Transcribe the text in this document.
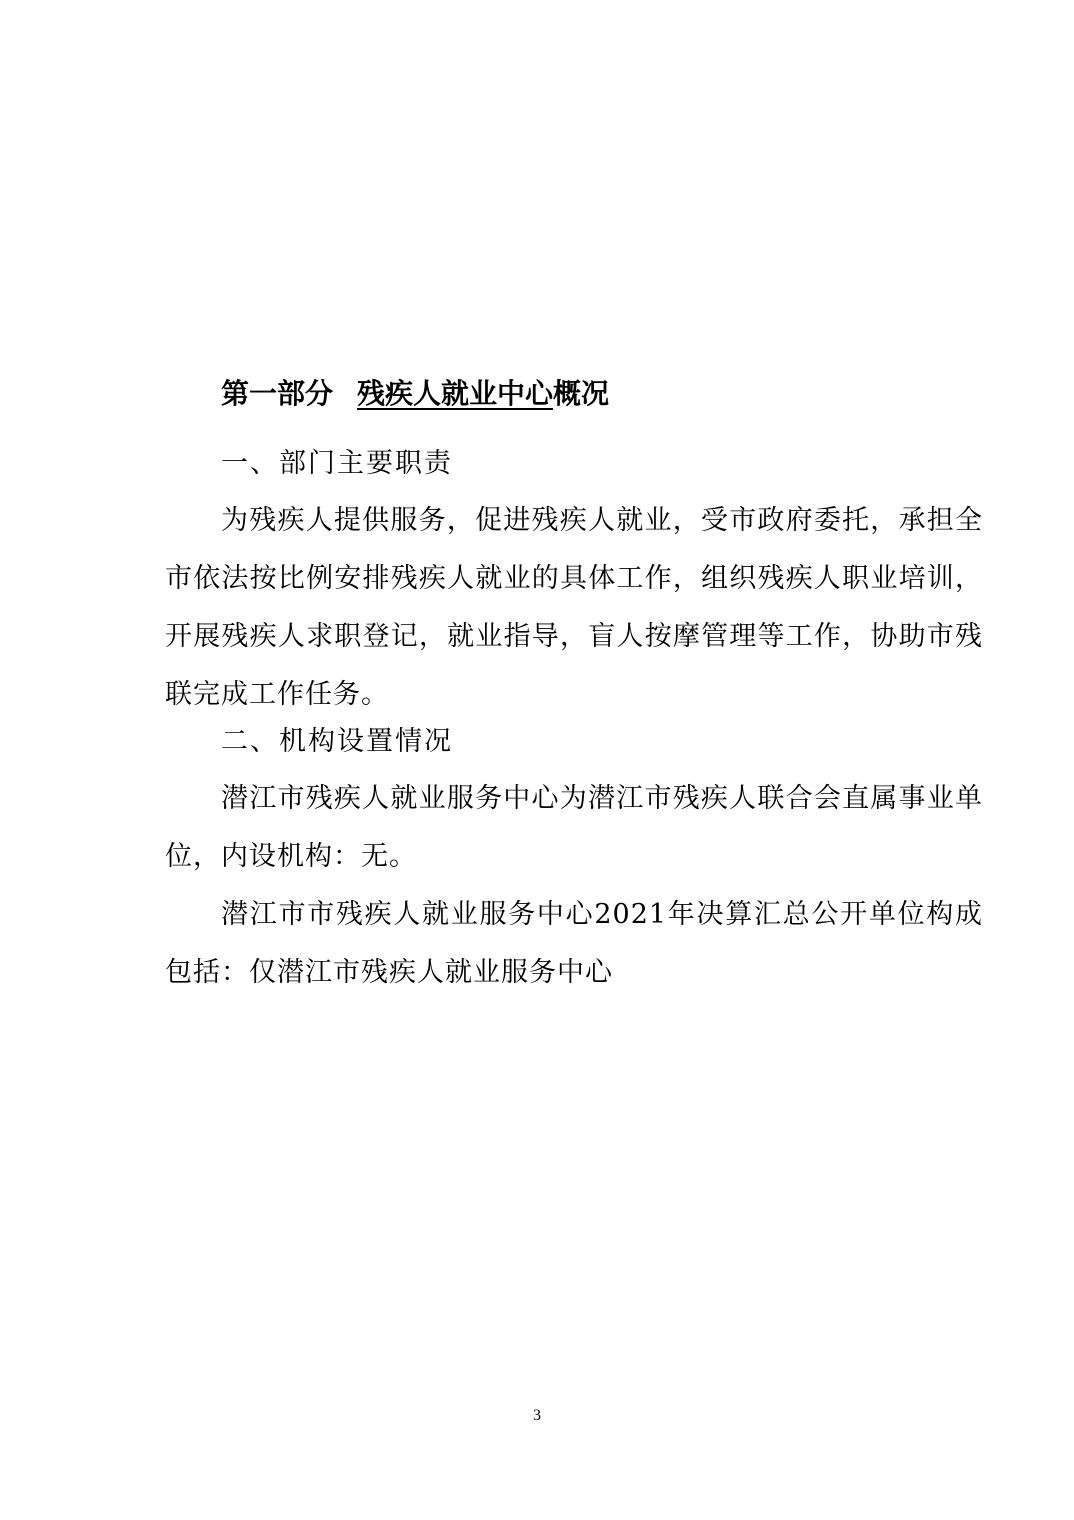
第一部分 残疾人就业中心概况
一、部门主要职责

为残疾人提供服务，促进残疾人就业，受市政府委托，承担全市依法按比例安排残疾人就业的具体工作，组织残疾人职业培训，开展残疾人求职登记，就业指导，盲人按摩管理等工作，协助市残联完成工作任务。

二、机构设置情况

潜江市残疾人就业服务中心为潜江市残疾人联合会直属事业单位，内设机构：无。

潜江市市残疾人就业服务中心2021年决算汇总公开单位构成包括：仅潜江市残疾人就业服务中心

3
